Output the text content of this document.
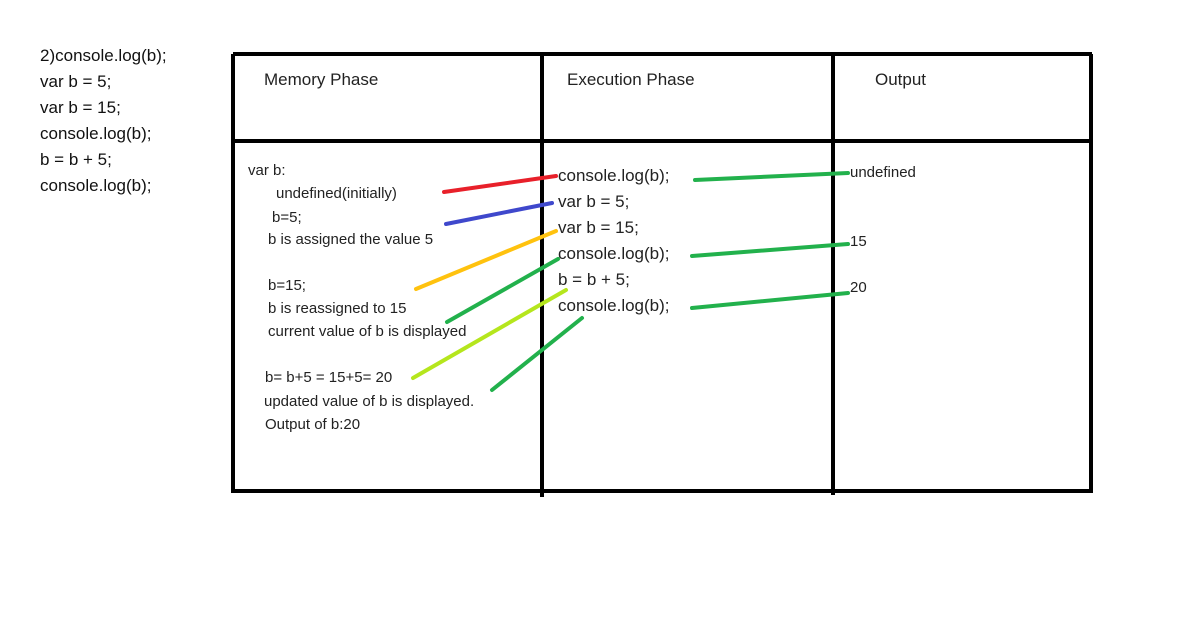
2)console.log(b);
var b = 5;
var b = 15;
console.log(b);
b = b + 5;
console.log(b);
Memory Phase	Execution Phase	Output
var b:
undefined(initially)
b=5;
b is assigned the value 5
b=15;
b is reassigned to 15
current value of b is displayed
b= b+5 = 15+5= 20
updated value of b is displayed.
Output of b:20
console.log(b);
var b = 5;
var b = 15;
console.log(b);
b = b + 5;
console.log(b);
undefined
15
20
